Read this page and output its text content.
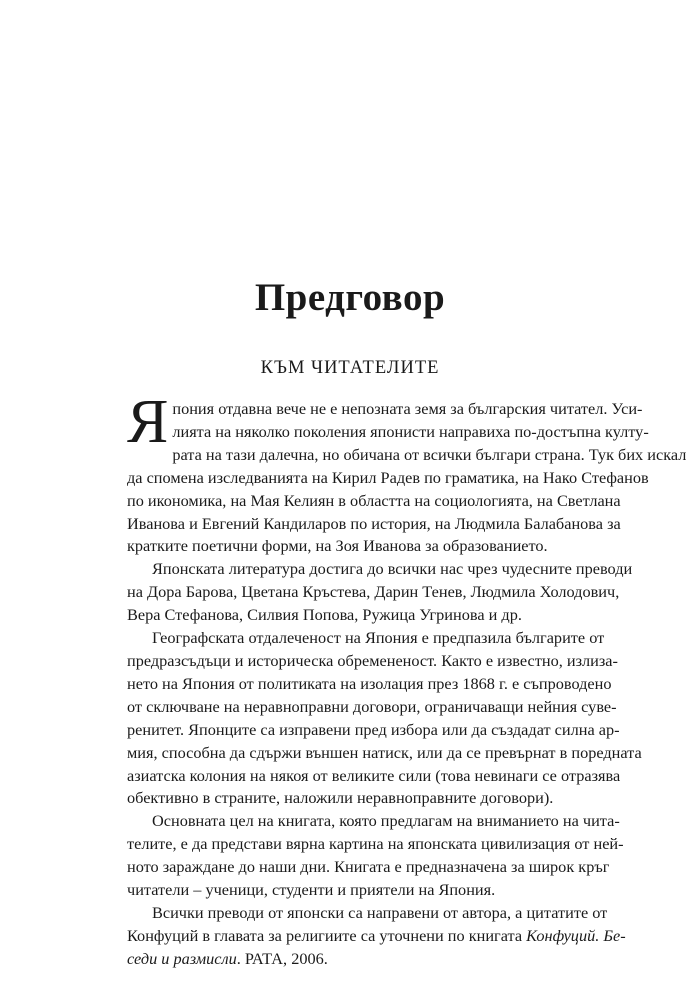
Предговор
КЪМ ЧИТАТЕЛИТЕ

Я пония отдавна вече не е непозната земя за българския читател. Уси-
лията на няколко поколения японисти направиха по-достъпна култу-
рата на тази далечна, но обичана от всички българи страна. Тук бих искал
да спомена изследванията на Кирил Радев по граматика, на Нако Стефанов
по икономика, на Мая Келиян в областта на социологията, на Светлана
Иванова и Евгений Кандиларов по история, на Людмила Балабанова за
кратките поетични форми, на Зоя Иванова за образованието.

Японската литература достига до всички нас чрез чудесните преводи
на Дора Барова, Цветана Кръстева, Дарин Тенев, Людмила Холодович,
Вера Стефанова, Силвия Попова, Ружица Угринова и др.

Географската отдалеченост на Япония е предпазила българите от
предразсъдъци и историческа обремененост. Както е известно, излиза-
нето на Япония от политиката на изолация през 1868 г. е съпроводено
от сключване на неравноправни договори, ограничаващи нейния суве-
ренитет. Японците са изправени пред избора или да създадат силна ар-
мия, способна да сдържи външен натиск, или да се превърнат в поредната
азиатска колония на някоя от великите сили (това невинаги се отразява
обективно в страните, наложили неравноправните договори).

Основната цел на книгата, която предлагам на вниманието на чита-
телите, е да представи вярна картина на японската цивилизация от ней-
ното зараждане до наши дни. Книгата е предназначена за широк кръг
читатели – ученици, студенти и приятели на Япония.

Всички преводи от японски са направени от автора, а цитатите от
Конфуций в главата за религиите са уточнени по книгата Конфуций. Бе-
седи и размисли. РАТА, 2006.
